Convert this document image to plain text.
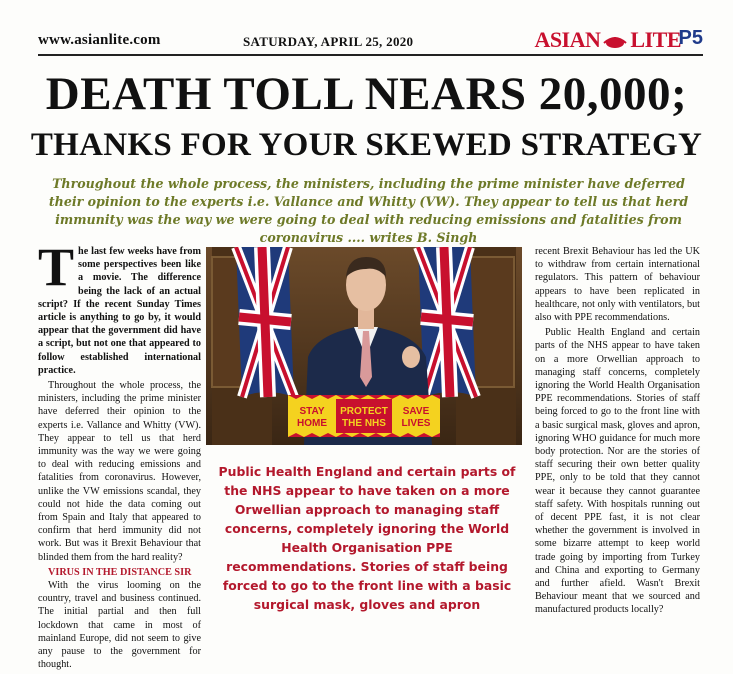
www.asianlite.com	SATURDAY, APRIL 25, 2020	ASIAN LITE
P5
DEATH TOLL NEARS 20,000;
THANKS FOR YOUR SKEWED STRATEGY
Throughout the whole process, the ministers, including the prime minister have deferred their opinion to the experts i.e. Vallance and Whitty (VW). They appear to tell us that herd immunity was the way we were going to deal with reducing emissions and fatalities from coronavirus .... writes B. Singh

The last few weeks have from some perspectives been like a movie. The difference being the lack of an actual script? If the recent Sunday Times article is anything to go by, it would appear that the government did have a script, but not one that appeared to follow established international practice.

Throughout the whole process, the ministers, including the prime minister have deferred their opinion to the experts i.e. Vallance and Whitty (VW). They appear to tell us that herd immunity was the way we were going to deal with reducing emissions and fatalities from coronavirus. However, unlike the VW emissions scandal, they could not hide the data coming out from Spain and Italy that appeared to confirm that herd immunity did not work. But was it Brexit Behaviour that blinded them from the hard reality?

VIRUS IN THE DISTANCE SIR

With the virus looming on the country, travel and business continued. The initial partial and then full lockdown that came in most of mainland Europe, did not seem to give any pause to the government for thought.

STAY
HOME
PROTECT
THE NHS
SAVE
LIVES
Public Health England and certain parts of the NHS appear to have taken on a more Orwellian approach to managing staff concerns, completely ignoring the World Health Organisation PPE recommendations. Stories of staff being forced to go to the front line with a basic surgical mask, gloves and apron

recent Brexit Behaviour has led the UK to withdraw from certain international regulators. This pattern of behaviour appears to have been replicated in healthcare, not only with ventilators, but also with PPE recommendations.

Public Health England and certain parts of the NHS appear to have taken on a more Orwellian approach to managing staff concerns, completely ignoring the World Health Organisation PPE recommendations. Stories of staff being forced to go to the front line with a basic surgical mask, gloves and apron, ignoring WHO guidance for much more body protection. Nor are the stories of staff securing their own better quality PPE, only to be told that they cannot wear it because they cannot guarantee staff safety. With hospitals running out of decent PPE fast, it is not clear whether the government is involved in some bizarre attempt to keep world trade going by importing from Turkey and China and exporting to Germany and further afield. Wasn't Brexit Behaviour meant that we sourced and manufactured products locally?
